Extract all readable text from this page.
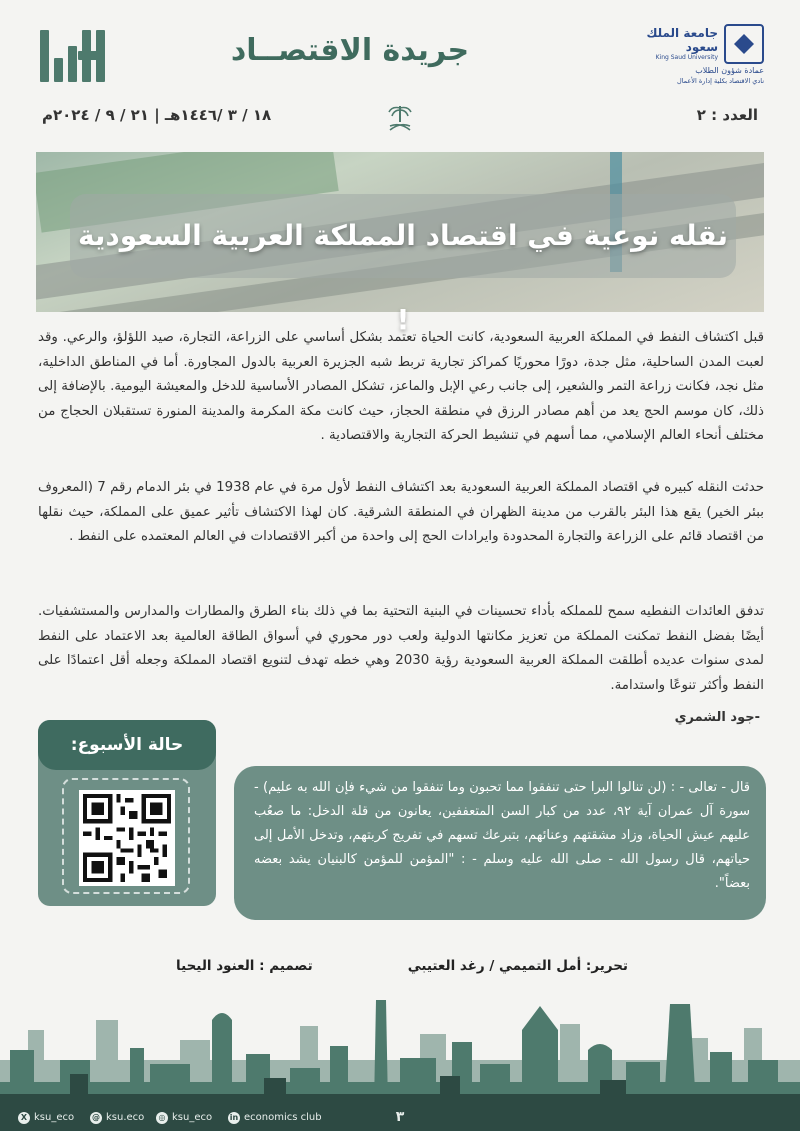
جريدة الاقتصــاد	جامعة الملك سعود
King Saud University
عمادة شؤون الطلاب
نادي الاقتصاد بكلية إدارة الأعمال
العدد : ٢
١٨ / ٣ /١٤٤٦هـ | ٢١ / ٩ / ٢٠٢٤م
نقله نوعية في اقتصاد المملكة العربية السعودية !

قبل اكتشاف النفط في المملكة العربية السعودية، كانت الحياة تعتمد بشكل أساسي على الزراعة، التجارة، صيد اللؤلؤ، والرعي. وقد لعبت المدن الساحلية، مثل جدة، دورًا محوريًا كمراكز تجارية تربط شبه الجزيرة العربية بالدول المجاورة. أما في المناطق الداخلية، مثل نجد، فكانت زراعة التمر والشعير، إلى جانب رعي الإبل والماعز، تشكل المصادر الأساسية للدخل والمعيشة اليومية. بالإضافة إلى ذلك، كان موسم الحج يعد من أهم مصادر الرزق في منطقة الحجاز، حيث كانت مكة المكرمة والمدينة المنورة تستقبلان الحجاج من مختلف أنحاء العالم الإسلامي، مما أسهم في تنشيط الحركة التجارية والاقتصادية .

حدثت النقله كبيره في اقتصاد المملكة العربية السعودية بعد اكتشاف النفط لأول مرة في عام 1938 في بئر الدمام رقم 7 (المعروف ببئر الخير) يقع هذا البئر بالقرب من مدينة الظهران في المنطقة الشرقية. كان لهذا الاكتشاف تأثير عميق على المملكة، حيث نقلها من اقتصاد قائم على الزراعة والتجارة المحدودة وايرادات الحج إلى واحدة من أكبر الاقتصادات في العالم المعتمده على النفط .

تدفق العائدات النفطيه سمح للمملكه بأداء تحسينات في البنية التحتية بما في ذلك بناء الطرق والمطارات والمدارس والمستشفيات. أيضًا بفضل النفط تمكنت المملكة من تعزيز مكانتها الدولية ولعب دور محوري في أسواق الطاقة العالمية بعد الاعتماد على النفط لمدى سنوات عديده أطلقت المملكة العربية السعودية رؤية 2030 وهي خطه تهدف لتنويع اقتصاد المملكة وجعله أقل اعتمادًا على النفط وأكثر تنوعًا واستدامة.

-جود الشمري
حالة الأسبوع:

قال - تعالى - : (لن تنالوا البرا حتى تنفقوا مما تحبون وما تنفقوا من شيء فإن الله به عليم) - سورة آل عمران آية ٩٢، عدد من كبار السن المتعففين، يعانون من قلة الدخل: ما صعُب عليهم عيش الحياة، وزاد مشقتهم وعنائهم، بتبرعك تسهم في تفريج كربتهم، وتدخل الأمل إلى حياتهم، قال رسول الله - صلى الله عليه وسلم - : "المؤمن للمؤمن كالبنيان يشد بعضه بعضاً".

تحرير: أمل التميمي / رغد العتيبي
تصميم : العنود اليحيا
X ksu_eco @ ksu.eco	◎ ksu_eco	٣
in economics club
